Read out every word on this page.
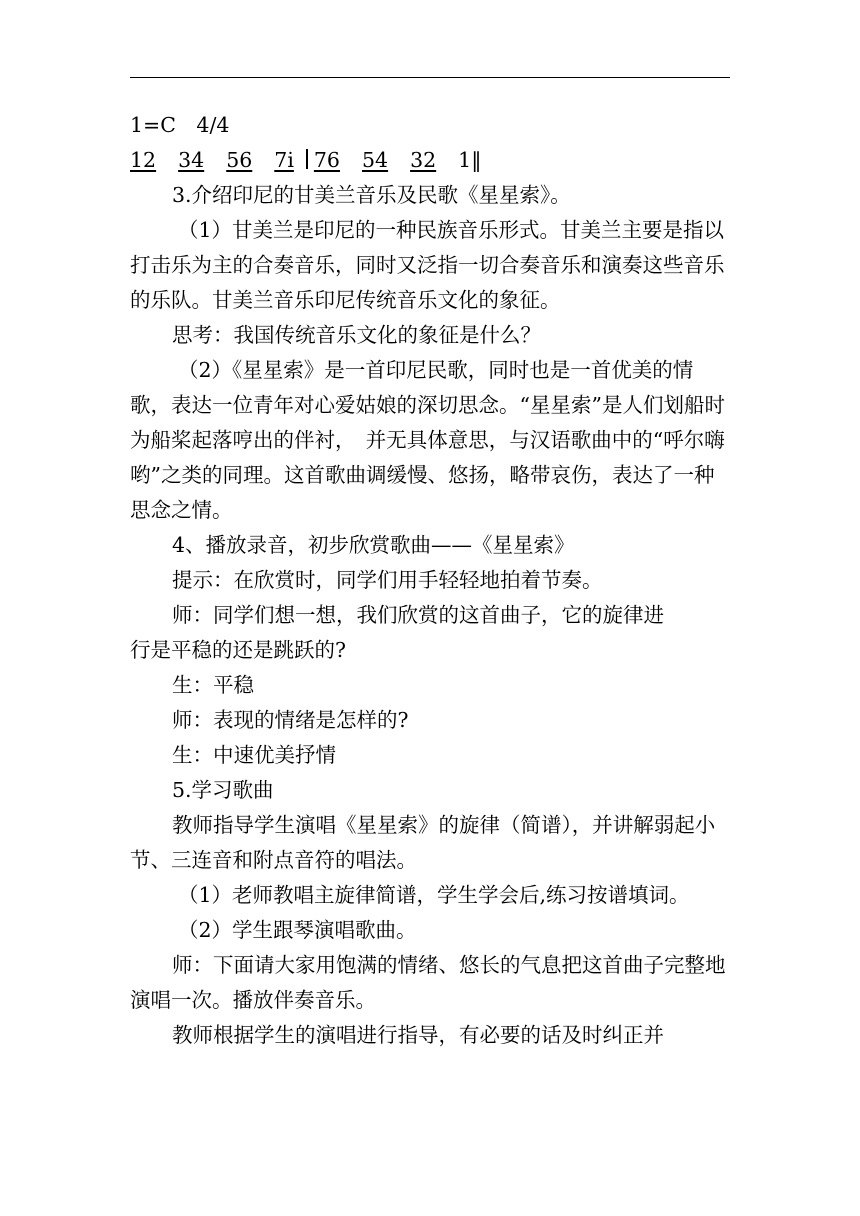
1=C　4/4

12 34 56 7i 76 54 32 1‖

3.介绍印尼的甘美兰音乐及民歌《星星索》。

（1）甘美兰是印尼的一种民族音乐形式。甘美兰主要是指以打击乐为主的合奏音乐，同时又泛指一切合奏音乐和演奏这些音乐的乐队。甘美兰音乐印尼传统音乐文化的象征。

思考：我国传统音乐文化的象征是什么？

（2）《星星索》是一首印尼民歌，同时也是一首优美的情歌，表达一位青年对心爱姑娘的深切思念。“星星索”是人们划船时为船桨起落哼出的伴衬，　并无具体意思，与汉语歌曲中的“呼尔嗨哟”之类的同理。这首歌曲调缓慢、悠扬，略带哀伤，表达了一种思念之情。

4、播放录音，初步欣赏歌曲——《星星索》

提示：在欣赏时，同学们用手轻轻地拍着节奏。

师：同学们想一想，我们欣赏的这首曲子，它的旋律进

行是平稳的还是跳跃的?

生：平稳

师：表现的情绪是怎样的?

生：中速优美抒情

5.学习歌曲

教师指导学生演唱《星星索》的旋律（简谱），并讲解弱起小节、三连音和附点音符的唱法。

（1）老师教唱主旋律简谱，学生学会后,练习按谱填词。

（2）学生跟琴演唱歌曲。

师：下面请大家用饱满的情绪、悠长的气息把这首曲子完整地演唱一次。播放伴奏音乐。

教师根据学生的演唱进行指导，有必要的话及时纠正并
